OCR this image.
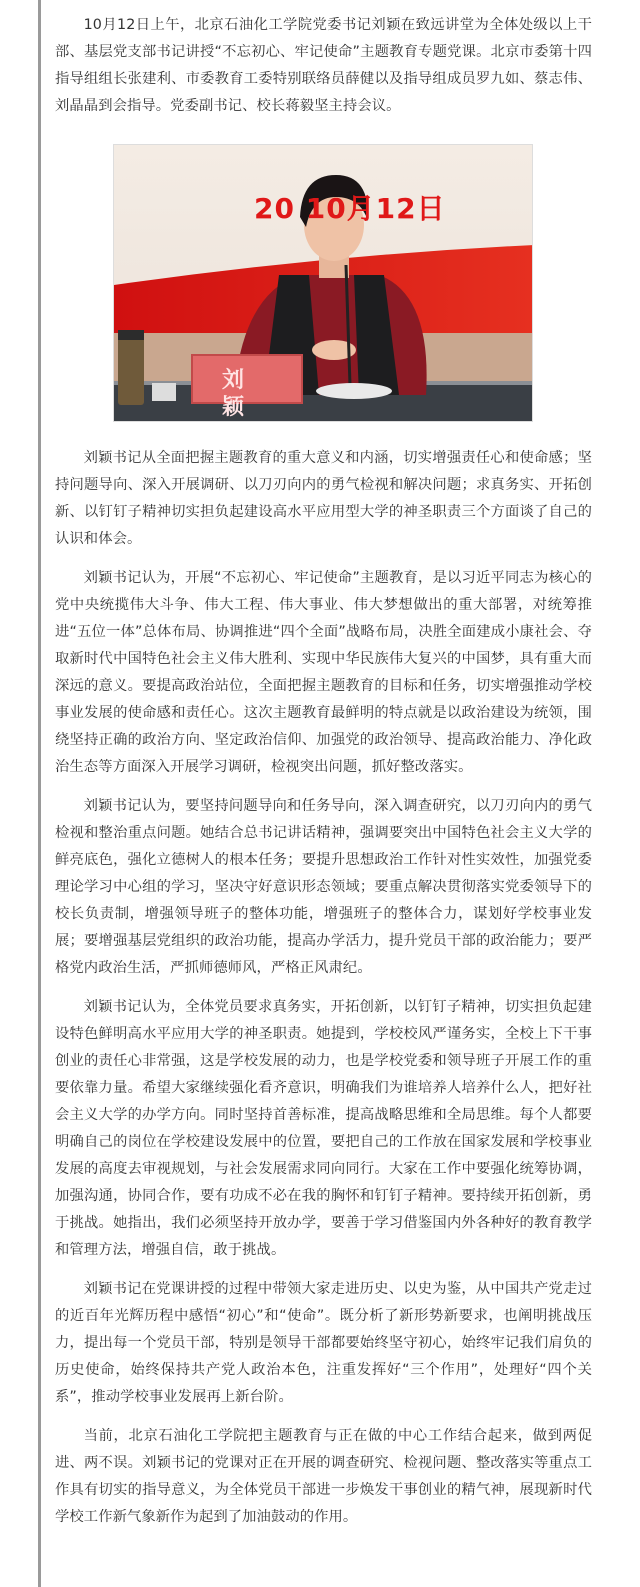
10月12日上午，北京石油化工学院党委书记刘颖在致远讲堂为全体处级以上干部、基层党支部书记讲授“不忘初心、牢记使命”主题教育专题党课。北京市委第十四指导组组长张建利、市委教育工委特别联络员薛健以及指导组成员罗九如、蔡志伟、刘晶晶到会指导。党委副书记、校长蒋毅坚主持会议。

20 10月12日
刘 颖

刘颖书记从全面把握主题教育的重大意义和内涵，切实增强责任心和使命感；坚持问题导向、深入开展调研、以刀刃向内的勇气检视和解决问题；求真务实、开拓创新、以钉钉子精神切实担负起建设高水平应用型大学的神圣职责三个方面谈了自己的认识和体会。

刘颖书记认为，开展“不忘初心、牢记使命”主题教育，是以习近平同志为核心的党中央统揽伟大斗争、伟大工程、伟大事业、伟大梦想做出的重大部署，对统筹推进“五位一体”总体布局、协调推进“四个全面”战略布局，决胜全面建成小康社会、夺取新时代中国特色社会主义伟大胜利、实现中华民族伟大复兴的中国梦，具有重大而深远的意义。要提高政治站位，全面把握主题教育的目标和任务，切实增强推动学校事业发展的使命感和责任心。这次主题教育最鲜明的特点就是以政治建设为统领，围绕坚持正确的政治方向、坚定政治信仰、加强党的政治领导、提高政治能力、净化政治生态等方面深入开展学习调研，检视突出问题，抓好整改落实。

刘颖书记认为，要坚持问题导向和任务导向，深入调查研究，以刀刃向内的勇气检视和整治重点问题。她结合总书记讲话精神，强调要突出中国特色社会主义大学的鲜亮底色，强化立德树人的根本任务；要提升思想政治工作针对性实效性，加强党委理论学习中心组的学习，坚决守好意识形态领域；要重点解决贯彻落实党委领导下的校长负责制，增强领导班子的整体功能，增强班子的整体合力，谋划好学校事业发展；要增强基层党组织的政治功能，提高办学活力，提升党员干部的政治能力；要严格党内政治生活，严抓师德师风，严格正风肃纪。

刘颖书记认为，全体党员要求真务实，开拓创新，以钉钉子精神，切实担负起建设特色鲜明高水平应用大学的神圣职责。她提到，学校校风严谨务实，全校上下干事创业的责任心非常强，这是学校发展的动力，也是学校党委和领导班子开展工作的重要依靠力量。希望大家继续强化看齐意识，明确我们为谁培养人培养什么人，把好社会主义大学的办学方向。同时坚持首善标准，提高战略思维和全局思维。每个人都要明确自己的岗位在学校建设发展中的位置，要把自己的工作放在国家发展和学校事业发展的高度去审视规划，与社会发展需求同向同行。大家在工作中要强化统筹协调，加强沟通，协同合作，要有功成不必在我的胸怀和钉钉子精神。要持续开拓创新，勇于挑战。她指出，我们必须坚持开放办学，要善于学习借鉴国内外各种好的教育教学和管理方法，增强自信，敢于挑战。

刘颖书记在党课讲授的过程中带领大家走进历史、以史为鉴，从中国共产党走过的近百年光辉历程中感悟“初心”和“使命”。既分析了新形势新要求，也阐明挑战压力，提出每一个党员干部，特别是领导干部都要始终坚守初心，始终牢记我们肩负的历史使命，始终保持共产党人政治本色，注重发挥好“三个作用”，处理好“四个关系”，推动学校事业发展再上新台阶。

当前，北京石油化工学院把主题教育与正在做的中心工作结合起来，做到两促进、两不误。刘颖书记的党课对正在开展的调查研究、检视问题、整改落实等重点工作具有切实的指导意义，为全体党员干部进一步焕发干事创业的精气神，展现新时代学校工作新气象新作为起到了加油鼓动的作用。
